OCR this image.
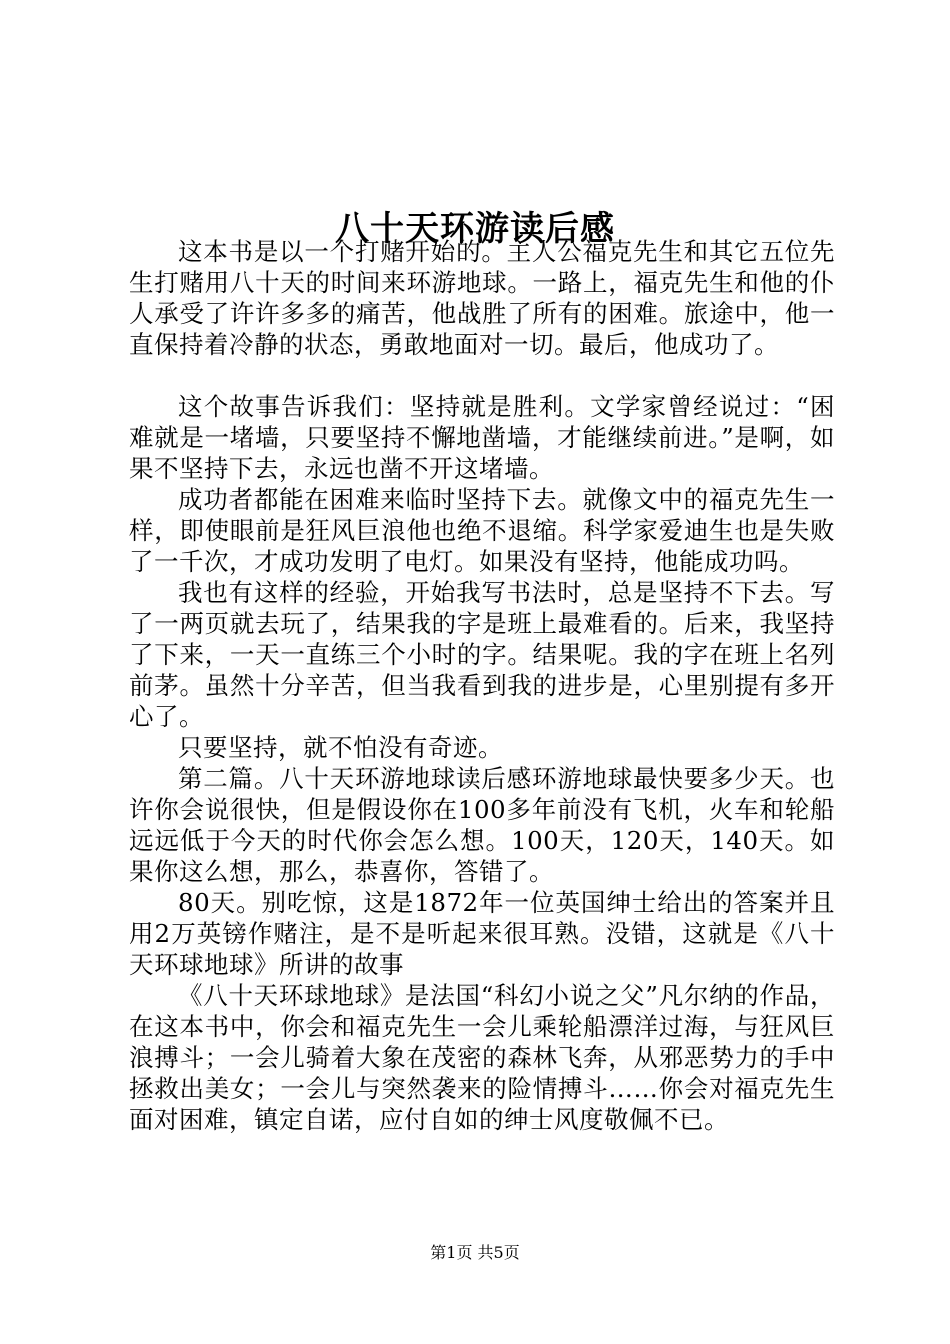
八十天环游读后感

这本书是以一个打赌开始的。主人公福克先生和其它五位先生打赌用八十天的时间来环游地球。一路上，福克先生和他的仆人承受了许许多多的痛苦，他战胜了所有的困难。旅途中，他一直保持着冷静的状态，勇敢地面对一切。最后，他成功了。

这个故事告诉我们：坚持就是胜利。文学家曾经说过：“困难就是一堵墙，只要坚持不懈地凿墙，才能继续前进。”是啊，如果不坚持下去，永远也凿不开这堵墙。

成功者都能在困难来临时坚持下去。就像文中的福克先生一样，即使眼前是狂风巨浪他也绝不退缩。科学家爱迪生也是失败了一千次，才成功发明了电灯。如果没有坚持，他能成功吗。

我也有这样的经验，开始我写书法时，总是坚持不下去。写了一两页就去玩了，结果我的字是班上最难看的。后来，我坚持了下来，一天一直练三个小时的字。结果呢。我的字在班上名列前茅。虽然十分辛苦，但当我看到我的进步是，心里别提有多开心了。

只要坚持，就不怕没有奇迹。

第二篇。八十天环游地球读后感环游地球最快要多少天。也许你会说很快，但是假设你在100多年前没有飞机，火车和轮船远远低于今天的时代你会怎么想。100天，120天，140天。如果你这么想，那么，恭喜你，答错了。

80天。别吃惊，这是1872年一位英国绅士给出的答案并且用2万英镑作赌注，是不是听起来很耳熟。没错，这就是《八十天环球地球》所讲的故事

《八十天环球地球》是法国“科幻小说之父”凡尔纳的作品，在这本书中，你会和福克先生一会儿乘轮船漂洋过海，与狂风巨浪搏斗；一会儿骑着大象在茂密的森林飞奔，从邪恶势力的手中拯救出美女；一会儿与突然袭来的险情搏斗……你会对福克先生面对困难，镇定自诺，应付自如的绅士风度敬佩不已。

第1页 共5页
